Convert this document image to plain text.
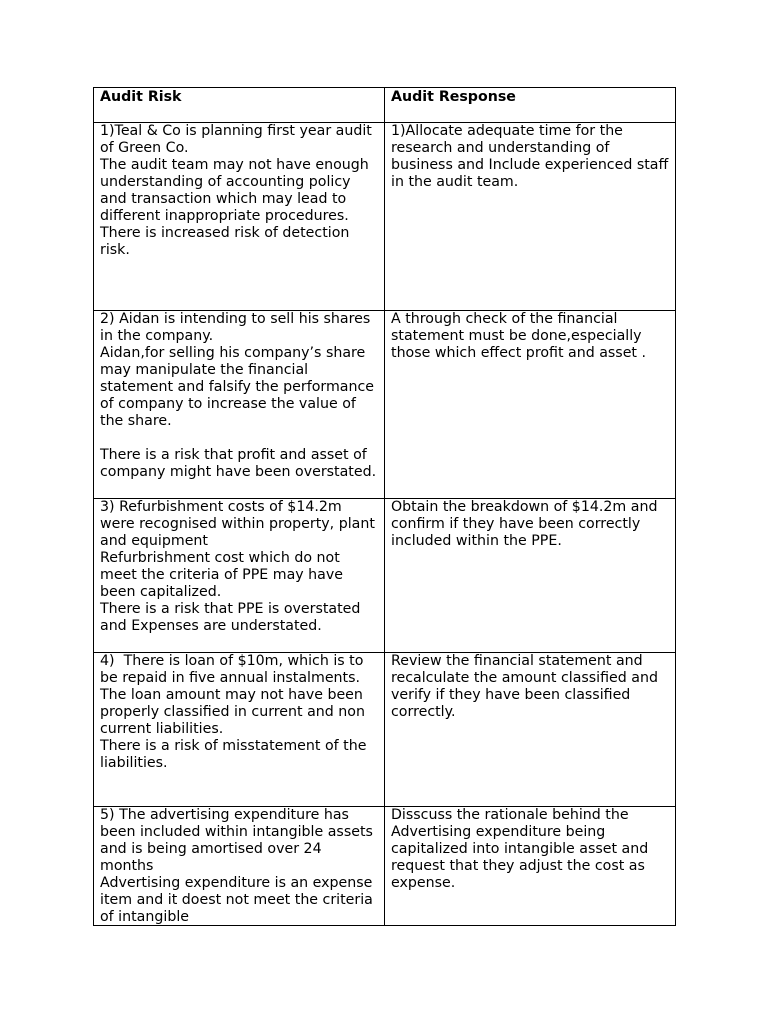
Audit Risk	Audit Response

1)Teal & Co is planning first year audit of Green Co.
The audit team may not have enough understanding of accounting policy and transaction which may lead to different inappropriate procedures.
There is increased risk of detection risk.	1)Allocate adequate time for the research and understanding of business and Include experienced staff in the audit team.

2) Aidan is intending to sell his shares in the company.
Aidan,for selling his company’s share may manipulate the financial statement and falsify the performance of company to increase the value of the share.

There is a risk that profit and asset of company might have been overstated.	A through check of the financial statement must be done,especially those which effect profit and asset .

3) Refurbishment costs of $14.2m were recognised within property, plant and equipment
Refurbrishment cost which do not meet the criteria of PPE may have been capitalized.
There is a risk that PPE is overstated and Expenses are understated.	Obtain the breakdown of $14.2m and confirm if they have been correctly included within the PPE.

4)  There is loan of $10m, which is to be repaid in five annual instalments.
The loan amount may not have been properly classified in current and non current liabilities.
There is a risk of misstatement of the liabilities.	Review the financial statement and recalculate the amount classified and verify if they have been classified correctly.

5) The advertising expenditure has been included within intangible assets and is being amortised over 24 months
Advertising expenditure is an expense item and it doest not meet the criteria of intangible	Disscuss the rationale behind the Advertising expenditure being capitalized into intangible asset and request that they adjust the cost as expense.
